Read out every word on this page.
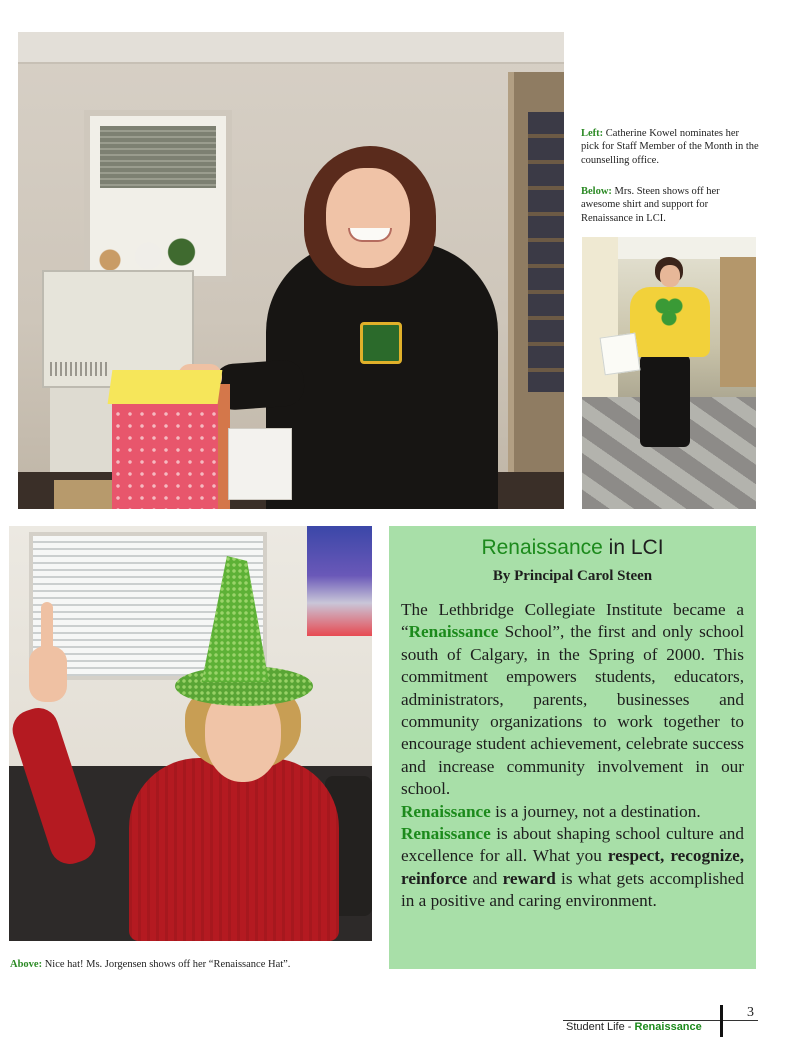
Left: Catherine Kowel nominates her pick for Staff Member of the Month in the counselling office.
Below: Mrs. Steen shows off her awesome shirt and support for Renaissance in LCI.
Renaissance in LCI
By Principal Carol Steen

The Lethbridge Collegiate Institute became a “Renaissance School”, the first and only school south of Calgary, in the Spring of 2000. This commitment empowers students, educators, administrators, parents, businesses and community organizations to work together to encourage student achievement, celebrate success and increase community involvement in our school.
Renaissance is a journey, not a destination.
Renaissance is about shaping school culture and excellence for all. What you respect, recognize, reinforce and reward is what gets accomplished in a positive and caring environment.

Above: Nice hat! Ms. Jorgensen shows off her “Renaissance Hat”.
Student Life - Renaissance
3
